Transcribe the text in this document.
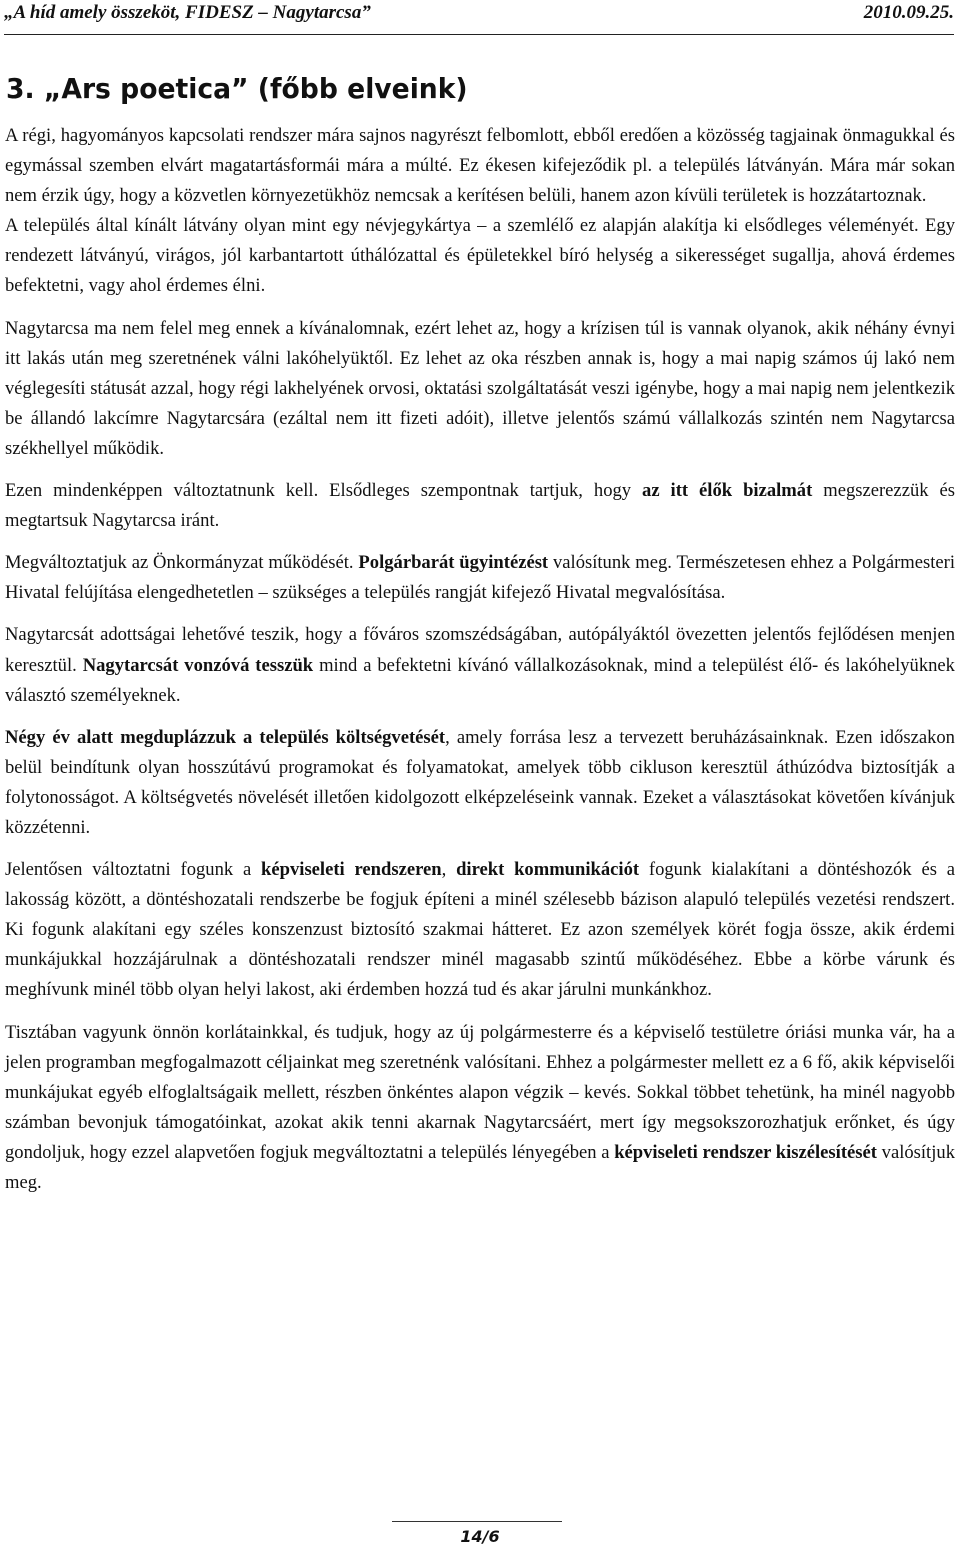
„A híd amely összeköt, FIDESZ – Nagytarcsa”	2010.09.25.
3. „Ars poetica” (főbb elveink)

A régi, hagyományos kapcsolati rendszer mára sajnos nagyrészt felbomlott, ebből eredően a közösség tagjainak önmagukkal és egymással szemben elvárt magatartásformái mára a múlté. Ez ékesen kifejeződik pl. a település látványán. Mára már sokan nem érzik úgy, hogy a közvetlen környezetükhöz nemcsak a kerítésen belüli, hanem azon kívüli területek is hozzátartoznak.

A település által kínált látvány olyan mint egy névjegykártya – a szemlélő ez alapján alakítja ki elsődleges véleményét. Egy rendezett látványú, virágos, jól karbantartott úthálózattal és épületekkel bíró helység a sikerességet sugallja, ahová érdemes befektetni, vagy ahol érdemes élni.

Nagytarcsa ma nem felel meg ennek a kívánalomnak, ezért lehet az, hogy a krízisen túl is vannak olyanok, akik néhány évnyi itt lakás után meg szeretnének válni lakóhelyüktől. Ez lehet az oka részben annak is, hogy a mai napig számos új lakó nem véglegesíti státusát azzal, hogy régi lakhelyének orvosi, oktatási szolgáltatását veszi igénybe, hogy a mai napig nem jelentkezik be állandó lakcímre Nagytarcsára (ezáltal nem itt fizeti adóit), illetve jelentős számú vállalkozás szintén nem Nagytarcsa székhellyel működik.

Ezen mindenképpen változtatnunk kell. Elsődleges szempontnak tartjuk, hogy az itt élők bizalmát megszerezzük és megtartsuk Nagytarcsa iránt.

Megváltoztatjuk az Önkormányzat működését. Polgárbarát ügyintézést valósítunk meg. Természetesen ehhez a Polgármesteri Hivatal felújítása elengedhetetlen – szükséges a település rangját kifejező Hivatal megvalósítása.

Nagytarcsát adottságai lehetővé teszik, hogy a főváros szomszédságában, autópályáktól övezetten jelentős fejlődésen menjen keresztül. Nagytarcsát vonzóvá tesszük mind a befektetni kívánó vállalkozásoknak, mind a települést élő- és lakóhelyüknek választó személyeknek.

Négy év alatt megduplázzuk a település költségvetését, amely forrása lesz a tervezett beruházásainknak. Ezen időszakon belül beindítunk olyan hosszútávú programokat és folyamatokat, amelyek több cikluson keresztül áthúzódva biztosítják a folytonosságot. A költségvetés növelését illetően kidolgozott elképzeléseink vannak. Ezeket a választásokat követően kívánjuk közzétenni.

Jelentősen változtatni fogunk a képviseleti rendszeren, direkt kommunikációt fogunk kialakítani a döntéshozók és a lakosság között, a döntéshozatali rendszerbe be fogjuk építeni a minél szélesebb bázison alapuló település vezetési rendszert. Ki fogunk alakítani egy széles konszenzust biztosító szakmai hátteret. Ez azon személyek körét fogja össze, akik érdemi munkájukkal hozzájárulnak a döntéshozatali rendszer minél magasabb szintű működéséhez. Ebbe a körbe várunk és meghívunk minél több olyan helyi lakost, aki érdemben hozzá tud és akar járulni munkánkhoz.

Tisztában vagyunk önnön korlátainkkal, és tudjuk, hogy az új polgármesterre és a képviselő testületre óriási munka vár, ha a jelen programban megfogalmazott céljainkat meg szeretnénk valósítani. Ehhez a polgármester mellett ez a 6 fő, akik képviselői munkájukat egyéb elfoglaltságaik mellett, részben önkéntes alapon végzik – kevés. Sokkal többet tehetünk, ha minél nagyobb számban bevonjuk támogatóinkat, azokat akik tenni akarnak Nagytarcsáért, mert így megsokszorozhatjuk erőnket, és úgy gondoljuk, hogy ezzel alapvetően fogjuk megváltoztatni a település lényegében a képviseleti rendszer kiszélesítését valósítjuk meg.

14/6
